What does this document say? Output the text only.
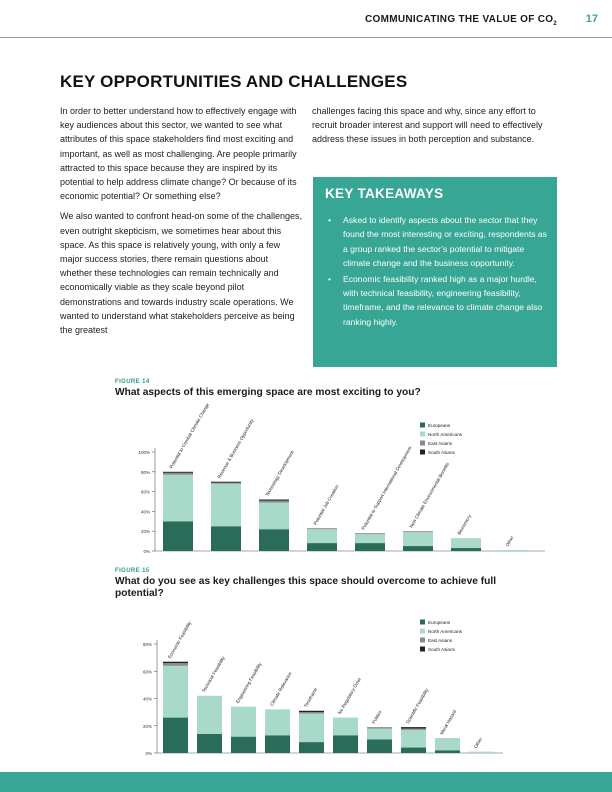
COMMUNICATING THE VALUE OF $CO_2$	17
KEY OPPORTUNITIES AND CHALLENGES

In order to better understand how to effectively engage with key audiences about this sector, we wanted to see what attributes of this space stakeholders find most exciting and important, as well as most challenging. Are people primarily attracted to this space because they are inspired by its potential to help address climate change? Or because of its economic potential? Or something else?

We also wanted to confront head-on some of the challenges, even outright skepticism, we sometimes hear about this space. As this space is relatively young, with only a few major success stories, there remain questions about whether these technologies can remain technically and economically viable as they scale beyond pilot demonstrations and towards industry scale operations. We wanted to understand what stakeholders perceive as being the greatest

challenges facing this space and why, since any effort to recruit broader interest and support will need to effectively address these issues in both perception and substance.

KEY TAKEAWAYS
• Asked to identify aspects about the sector that they found the most interesting or exciting, respondents as a group ranked the sector’s potential to mitigate climate change and the business opportunity.
• Economic feasibility ranked high as a major hurdle, with technical feasibility, engineering feasibility, timeframe, and the relevance to climate change also ranking highly.
FIGURE 14
What aspects of this emerging space are most exciting to you?
0%
20%
40%
60%
80%
100%	Potential to Combat Climate Change Revenue & Business Opportunity Technology Development
Potential Job Creation	Potential to Support International Development
New Climate Environmental Benefits Biomimicry
Other
Europeans
North Americans
East Asians
South Asians
FIGURE 15
What do you see as key challenges this space should overcome to achieve full potential?
0%
20%
40%
60%
80%	Economic Feasibility
Technical Feasibility Engineering Feasibility Climate Relevance Timeframe	No Regulatory Drive
Politics	Scientific Feasibility Moral Hazard
Other
Europeans
North Americans
East Asians
South Asians
